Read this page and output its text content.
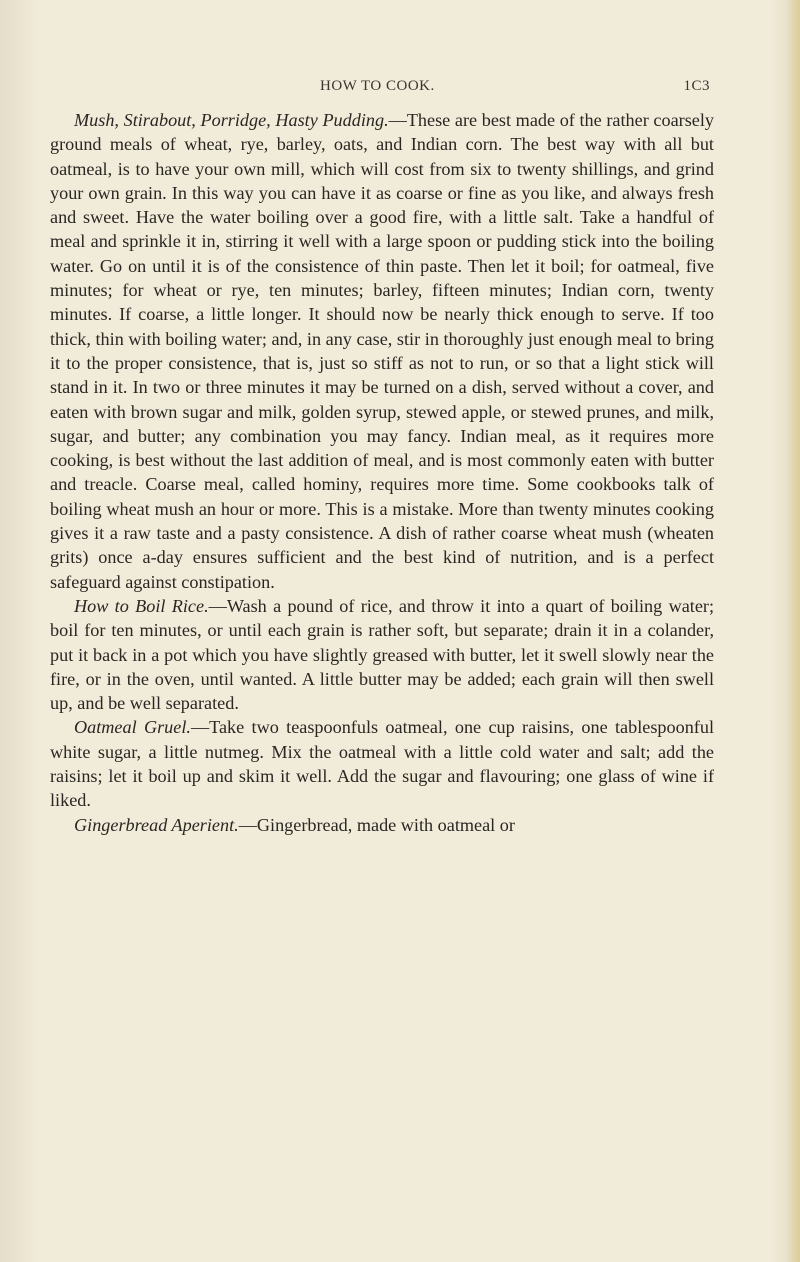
HOW TO COOK.	1C3

Mush, Stirabout, Porridge, Hasty Pudding.—These are best made of the rather coarsely ground meals of wheat, rye, barley, oats, and Indian corn. The best way with all but oatmeal, is to have your own mill, which will cost from six to twenty shillings, and grind your own grain. In this way you can have it as coarse or fine as you like, and always fresh and sweet. Have the water boiling over a good fire, with a little salt. Take a handful of meal and sprinkle it in, stirring it well with a large spoon or pudding stick into the boiling water. Go on until it is of the consistence of thin paste. Then let it boil; for oatmeal, five minutes; for wheat or rye, ten minutes; barley, fifteen minutes; Indian corn, twenty minutes. If coarse, a little longer. It should now be nearly thick enough to serve. If too thick, thin with boiling water; and, in any case, stir in thoroughly just enough meal to bring it to the proper consistence, that is, just so stiff as not to run, or so that a light stick will stand in it. In two or three minutes it may be turned on a dish, served without a cover, and eaten with brown sugar and milk, golden syrup, stewed apple, or stewed prunes, and milk, sugar, and butter; any combination you may fancy. Indian meal, as it requires more cooking, is best without the last addition of meal, and is most commonly eaten with butter and treacle. Coarse meal, called hominy, requires more time. Some cookbooks talk of boiling wheat mush an hour or more. This is a mistake. More than twenty minutes cooking gives it a raw taste and a pasty consistence. A dish of rather coarse wheat mush (wheaten grits) once a-day ensures sufficient and the best kind of nutrition, and is a perfect safeguard against constipation.

How to Boil Rice.—Wash a pound of rice, and throw it into a quart of boiling water; boil for ten minutes, or until each grain is rather soft, but separate; drain it in a colander, put it back in a pot which you have slightly greased with butter, let it swell slowly near the fire, or in the oven, until wanted. A little butter may be added; each grain will then swell up, and be well separated.

Oatmeal Gruel.—Take two teaspoonfuls oatmeal, one cup raisins, one tablespoonful white sugar, a little nutmeg. Mix the oatmeal with a little cold water and salt; add the raisins; let it boil up and skim it well. Add the sugar and flavouring; one glass of wine if liked.

Gingerbread Aperient.—Gingerbread, made with oatmeal or
